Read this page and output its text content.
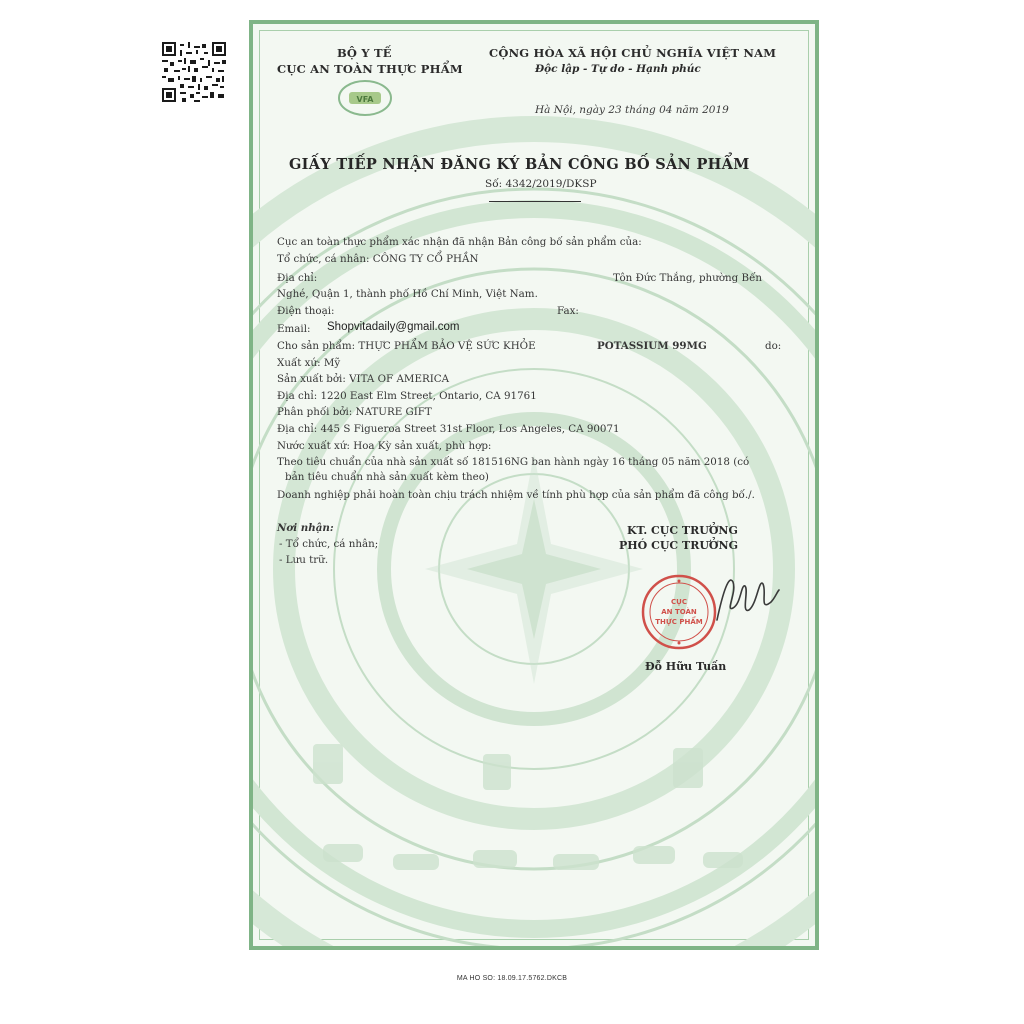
BỘ Y TẾ
CỤC AN TOÀN THỰC PHẨM
VFA
CỘNG HÒA XÃ HỘI CHỦ NGHĨA VIỆT NAM
Độc lập - Tự do - Hạnh phúc
Hà Nội, ngày 23 tháng 04 năm 2019
GIẤY TIẾP NHẬN ĐĂNG KÝ BẢN CÔNG BỐ SẢN PHẨM
Số: 4342/2019/DKSP
Cục an toàn thực phẩm xác nhận đã nhận Bản công bố sản phẩm của:
Tổ chức, cá nhân: CÔNG TY CỔ PHẦN
Địa chỉ:	Tôn Đức Thắng, phường Bến
Nghé, Quận 1, thành phố Hồ Chí Minh, Việt Nam.
Điện thoại:	Fax:
Email: Shopvitadaily@gmail.com
Cho sản phẩm: THỰC PHẨM BẢO VỆ SỨC KHỎE	POTASSIUM 99MG	do:
Xuất xứ: Mỹ
Sản xuất bởi: VITA OF AMERICA
Địa chỉ: 1220 East Elm Street, Ontario, CA 91761
Phân phối bởi: NATURE GIFT
Địa chỉ: 445 S Figueroa Street 31st Floor, Los Angeles, CA 90071
Nước xuất xứ: Hoa Kỳ sản xuất, phù hợp:
Theo tiêu chuẩn của nhà sản xuất số 181516NG ban hành ngày 16 tháng 05 năm 2018 (có
bản tiêu chuẩn nhà sản xuất kèm theo)
Doanh nghiệp phải hoàn toàn chịu trách nhiệm về tính phù hợp của sản phẩm đã công bố./.
Nơi nhận:
- Tổ chức, cá nhân;
- Lưu trữ.
KT. CỤC TRƯỞNG
PHÓ CỤC TRƯỞNG
CỤC
AN TOÀN
THỰC PHẨM
Đỗ Hữu Tuấn
MA HO SO: 18.09.17.5762.DKCB
